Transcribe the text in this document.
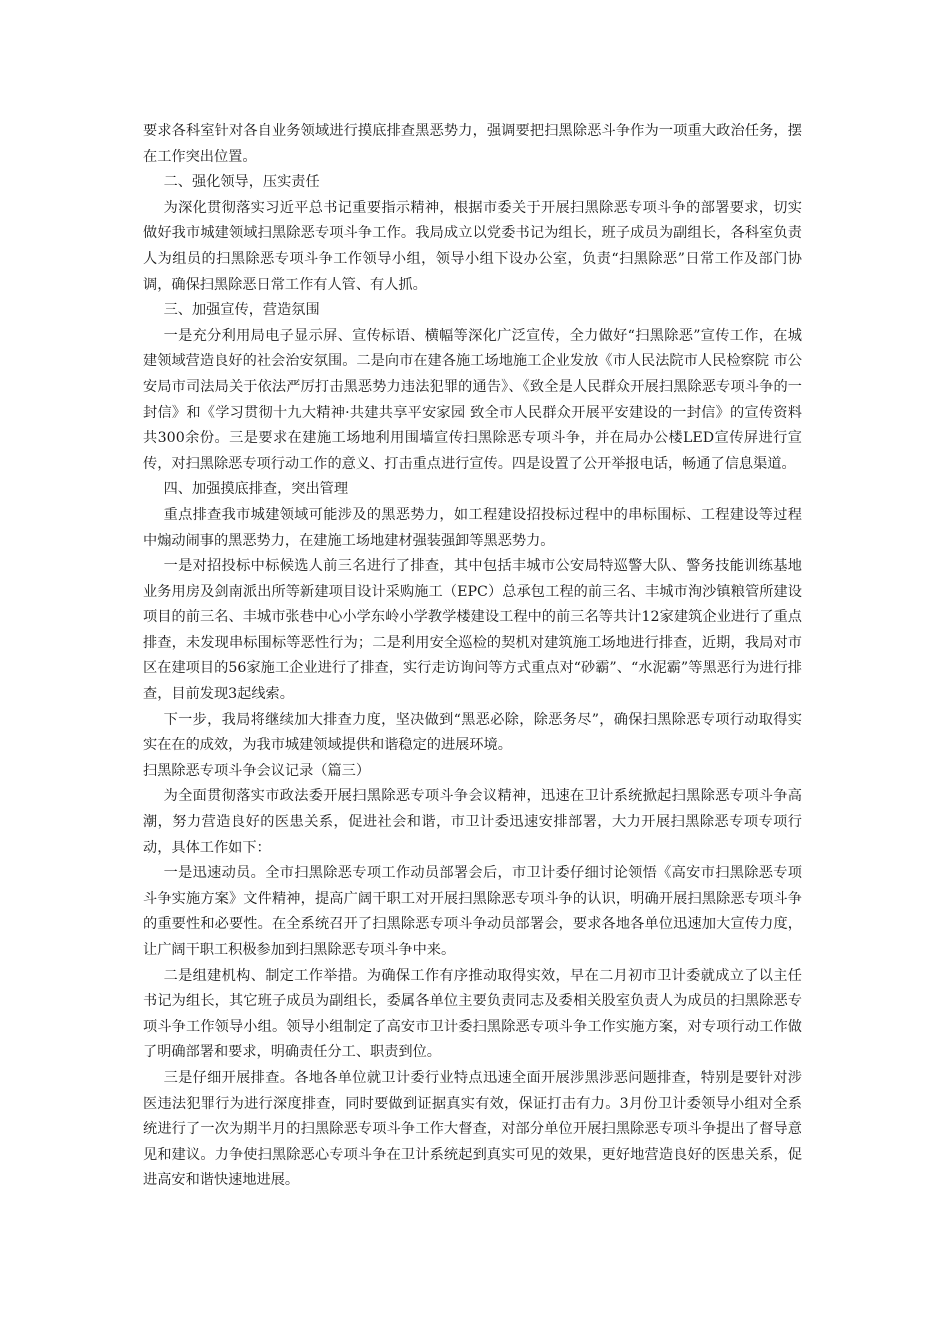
要求各科室针对各自业务领域进行摸底排查黑恶势力，强调要把扫黑除恶斗争作为一项重大政治任务，摆在工作突出位置。

二、强化领导，压实责任

为深化贯彻落实习近平总书记重要指示精神，根据市委关于开展扫黑除恶专项斗争的部署要求，切实做好我市城建领域扫黑除恶专项斗争工作。我局成立以党委书记为组长，班子成员为副组长，各科室负责人为组员的扫黑除恶专项斗争工作领导小组，领导小组下设办公室，负责“扫黑除恶”日常工作及部门协调，确保扫黑除恶日常工作有人管、有人抓。

三、加强宣传，营造氛围

一是充分利用局电子显示屏、宣传标语、横幅等深化广泛宣传，全力做好“扫黑除恶”宣传工作，在城建领域营造良好的社会治安氛围。二是向市在建各施工场地施工企业发放《市人民法院市人民检察院 市公安局市司法局关于依法严厉打击黑恶势力违法犯罪的通告》、《致全是人民群众开展扫黑除恶专项斗争的一封信》和《学习贯彻十九大精神·共建共享平安家园 致全市人民群众开展平安建设的一封信》的宣传资料共300余份。三是要求在建施工场地利用围墙宣传扫黑除恶专项斗争，并在局办公楼LED宣传屏进行宣传，对扫黑除恶专项行动工作的意义、打击重点进行宣传。四是设置了公开举报电话，畅通了信息渠道。

四、加强摸底排查，突出管理

重点排查我市城建领域可能涉及的黑恶势力，如工程建设招投标过程中的串标围标、工程建设等过程中煽动闹事的黑恶势力，在建施工场地建材强装强卸等黑恶势力。

一是对招投标中标候选人前三名进行了排查，其中包括丰城市公安局特巡警大队、警务技能训练基地业务用房及剑南派出所等新建项目设计采购施工（EPC）总承包工程的前三名、丰城市洵沙镇粮管所建设项目的前三名、丰城市张巷中心小学东岭小学教学楼建设工程中的前三名等共计12家建筑企业进行了重点排查，未发现串标围标等恶性行为；二是利用安全巡检的契机对建筑施工场地进行排查，近期，我局对市区在建项目的56家施工企业进行了排查，实行走访询问等方式重点对“砂霸”、“水泥霸”等黑恶行为进行排查，目前发现3起线索。

下一步，我局将继续加大排查力度，坚决做到“黑恶必除，除恶务尽”，确保扫黑除恶专项行动取得实实在在的成效，为我市城建领域提供和谐稳定的进展环境。

扫黑除恶专项斗争会议记录（篇三）

为全面贯彻落实市政法委开展扫黑除恶专项斗争会议精神，迅速在卫计系统掀起扫黑除恶专项斗争高潮，努力营造良好的医患关系，促进社会和谐，市卫计委迅速安排部署，大力开展扫黑除恶专项专项行动，具体工作如下：

一是迅速动员。全市扫黑除恶专项工作动员部署会后，市卫计委仔细讨论领悟《高安市扫黑除恶专项斗争实施方案》文件精神，提高广阔干职工对开展扫黑除恶专项斗争的认识，明确开展扫黑除恶专项斗争的重要性和必要性。在全系统召开了扫黑除恶专项斗争动员部署会，要求各地各单位迅速加大宣传力度，让广阔干职工积极参加到扫黑除恶专项斗争中来。

二是组建机构、制定工作举措。为确保工作有序推动取得实效，早在二月初市卫计委就成立了以主任书记为组长，其它班子成员为副组长，委属各单位主要负责同志及委相关股室负责人为成员的扫黑除恶专项斗争工作领导小组。领导小组制定了高安市卫计委扫黑除恶专项斗争工作实施方案，对专项行动工作做了明确部署和要求，明确责任分工、职责到位。

三是仔细开展排查。各地各单位就卫计委行业特点迅速全面开展涉黑涉恶问题排查，特别是要针对涉医违法犯罪行为进行深度排查，同时要做到证据真实有效，保证打击有力。3月份卫计委领导小组对全系统进行了一次为期半月的扫黑除恶专项斗争工作大督查，对部分单位开展扫黑除恶专项斗争提出了督导意见和建议。力争使扫黑除恶心专项斗争在卫计系统起到真实可见的效果，更好地营造良好的医患关系，促进高安和谐快速地进展。
